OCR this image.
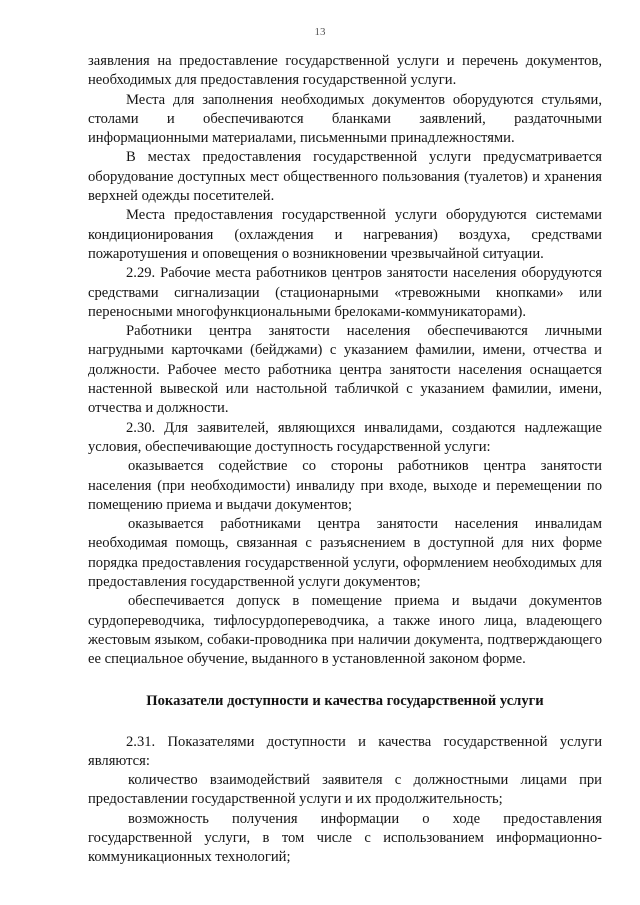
13

заявления на предоставление государственной услуги и перечень документов, необходимых для предоставления государственной услуги.

Места для заполнения необходимых документов оборудуются стульями, столами и обеспечиваются бланками заявлений, раздаточными информационными материалами, письменными принадлежностями.

В местах предоставления государственной услуги предусматривается оборудование доступных мест общественного пользования (туалетов) и хранения верхней одежды посетителей.

Места предоставления государственной услуги оборудуются системами кондиционирования (охлаждения и нагревания) воздуха, средствами пожаротушения и оповещения о возникновении чрезвычайной ситуации.

2.29. Рабочие места работников центров занятости населения оборудуются средствами сигнализации (стационарными «тревожными кнопками» или переносными многофункциональными брелоками-коммуникаторами).

Работники центра занятости населения обеспечиваются личными нагрудными карточками (бейджами) с указанием фамилии, имени, отчества и должности. Рабочее место работника центра занятости населения оснащается настенной вывеской или настольной табличкой с указанием фамилии, имени, отчества и должности.

2.30. Для заявителей, являющихся инвалидами, создаются надлежащие условия, обеспечивающие доступность государственной услуги:

оказывается содействие со стороны работников центра занятости населения (при необходимости) инвалиду при входе, выходе и перемещении по помещению приема и выдачи документов;

оказывается работниками центра занятости населения инвалидам необходимая помощь, связанная с разъяснением в доступной для них форме порядка предоставления государственной услуги, оформлением необходимых для предоставления государственной услуги документов;

обеспечивается допуск в помещение приема и выдачи документов сурдопереводчика, тифлосурдопереводчика, а также иного лица, владеющего жестовым языком, собаки-проводника при наличии документа, подтверждающего ее специальное обучение, выданного в установленной законом форме.

Показатели доступности и качества государственной услуги

2.31. Показателями доступности и качества государственной услуги являются:

количество взаимодействий заявителя с должностными лицами при предоставлении государственной услуги и их продолжительность;

возможность получения информации о ходе предоставления государственной услуги, в том числе с использованием информационно-коммуникационных технологий;
